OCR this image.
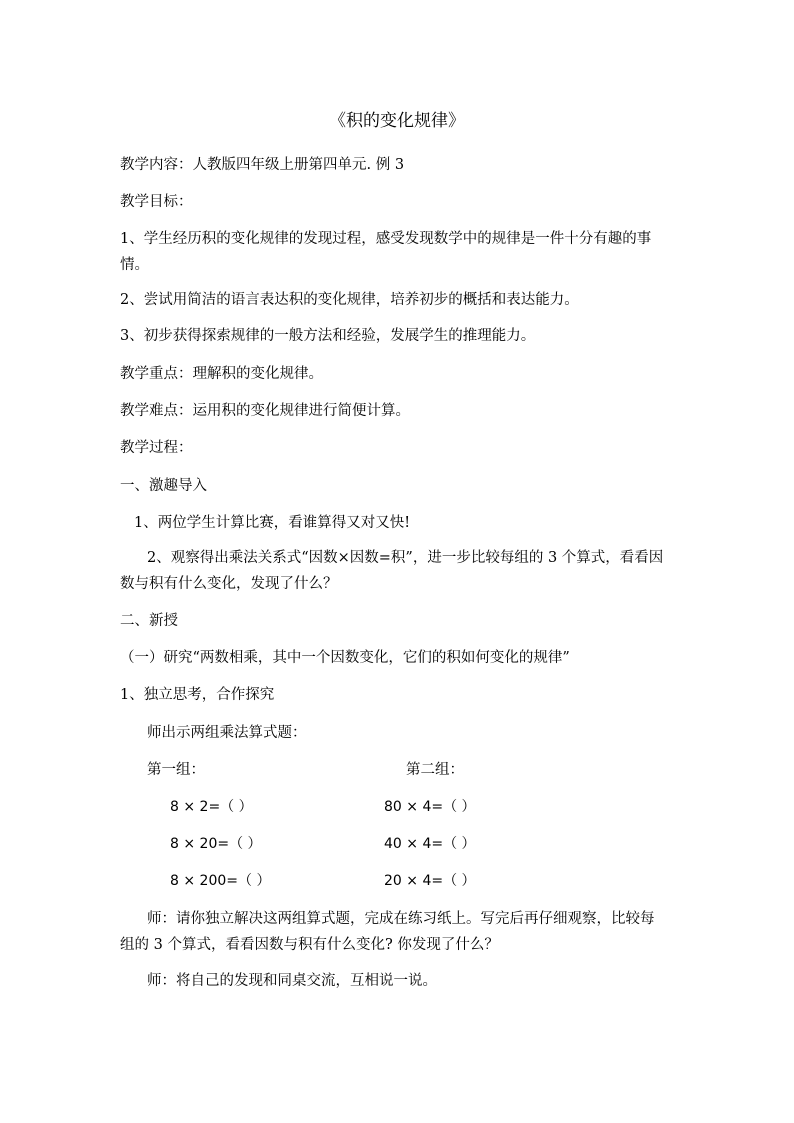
《积的变化规律》
教学内容：人教版四年级上册第四单元. 例 3
教学目标：
1、学生经历积的变化规律的发现过程，感受发现数学中的规律是一件十分有趣的事情。
2、尝试用简洁的语言表达积的变化规律，培养初步的概括和表达能力。
3、初步获得探索规律的一般方法和经验，发展学生的推理能力。
教学重点：理解积的变化规律。
教学难点：运用积的变化规律进行简便计算。
教学过程：
一、激趣导入
1、两位学生计算比赛，看谁算得又对又快!
2、观察得出乘法关系式“因数×因数=积”，进一步比较每组的 3 个算式，看看因数与积有什么变化，发现了什么？
二、新授
（一）研究“两数相乘，其中一个因数变化，它们的积如何变化的规律”
1、独立思考，合作探究
师出示两组乘法算式题：
第一组：	第二组：
8 × 2=（ ）
8 × 20=（ ）
8 × 200=（ ）
80 × 4=（ ）
40 × 4=（ ）
20 × 4=（ ）
师：请你独立解决这两组算式题，完成在练习纸上。写完后再仔细观察，比较每组的 3 个算式，看看因数与积有什么变化? 你发现了什么？
师：将自己的发现和同桌交流，互相说一说。
